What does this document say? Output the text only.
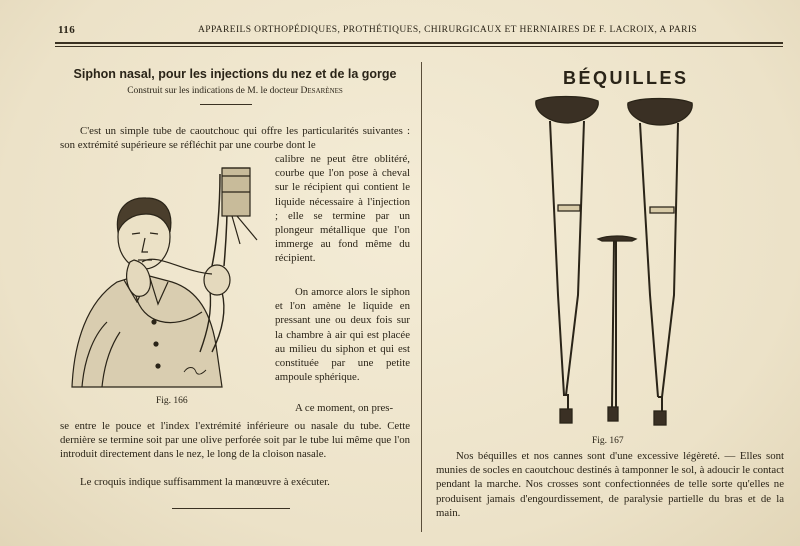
116	APPAREILS ORTHOPÉDIQUES, PROTHÉTIQUES, CHIRURGICAUX ET HERNIAIRES DE F. LACROIX, A PARIS
Siphon nasal, pour les injections du nez et de la gorge
Construit sur les indications de M. le docteur Desarènes
C'est un simple tube de caoutchouc qui offre les particularités suivantes : son extrémité supérieure se réfléchit par une courbe dont le
calibre ne peut être oblitéré, courbe que l'on pose à cheval sur le récipient qui contient le liquide nécessaire à l'injection ; elle se termine par un plongeur métallique que l'on immerge au fond même du récipient.
On amorce alors le siphon et l'on amène le liquide en pressant une ou deux fois sur la chambre à air qui est placée au milieu du siphon et qui est constituée par une petite ampoule sphérique.
A ce moment, on pres-
se entre le pouce et l'index l'extrémité inférieure ou nasale du tube. Cette dernière se termine soit par une olive perforée soit par le tube lui même que l'on introduit directement dans le nez, le long de la cloison nasale.
Le croquis indique suffisamment la manœuvre à exécuter.
Fig. 166
BÉQUILLES
Fig. 167
Nos béquilles et nos cannes sont d'une excessive légèreté. — Elles sont munies de socles en caoutchouc destinés à tamponner le sol, à adoucir le contact pendant la marche. Nos crosses sont confectionnées de telle sorte qu'elles ne produisent jamais d'engourdissement, de paralysie partielle du bras et de la main.
